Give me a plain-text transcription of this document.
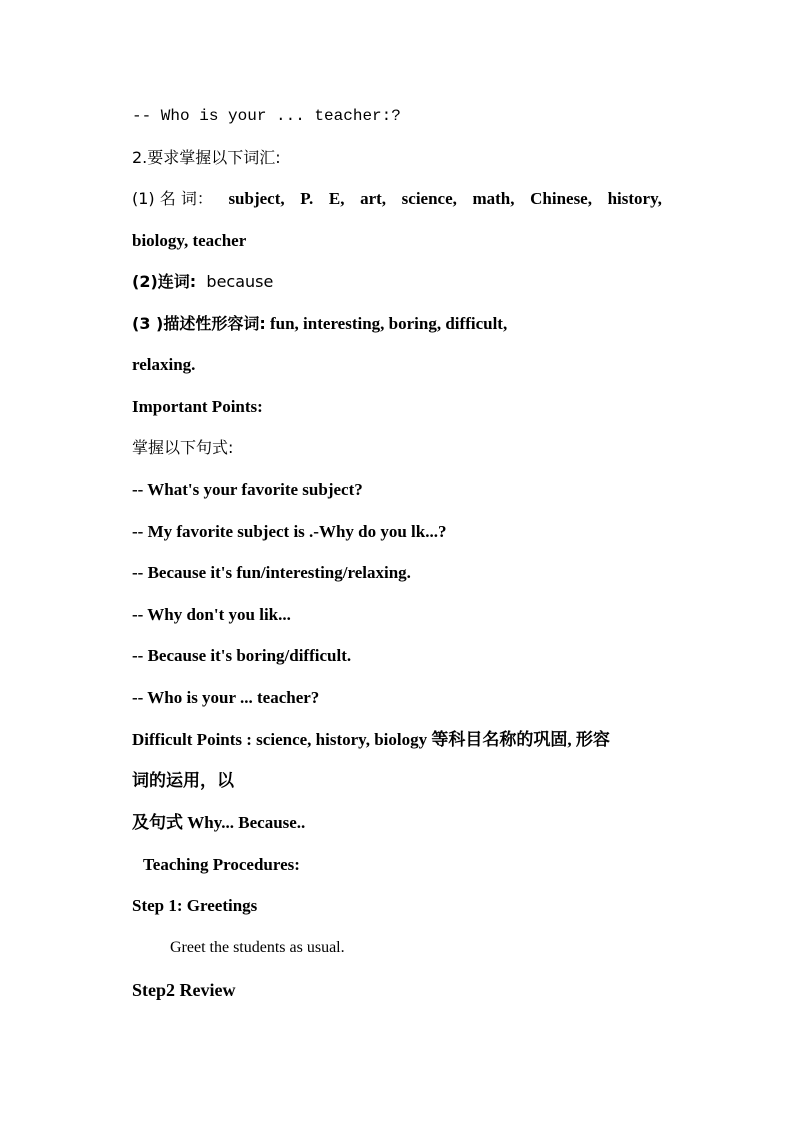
-- Who is your ... teacher:?
2.要求掌握以下词汇:
(1) 名 词： subject, P. E, art, science, math, Chinese, history,
biology, teacher
(2)连词: because
(3 )描述性形容词: fun, interesting, boring, difficult,
relaxing.
Important Points:
掌握以下句式:
-- What's your favorite subject?
-- My favorite subject is .-Why do you lk...?
-- Because it's fun/interesting/relaxing.
-- Why don't you lik...
-- Because it's boring/difficult.
-- Who is your ... teacher?
Difficult Points : science, history, biology 等科目名称的巩固, 形容
词的运用，以
及句式 Why... Because..
Teaching Procedures:
Step 1: Greetings
Greet the students as usual.
Step2 Review
